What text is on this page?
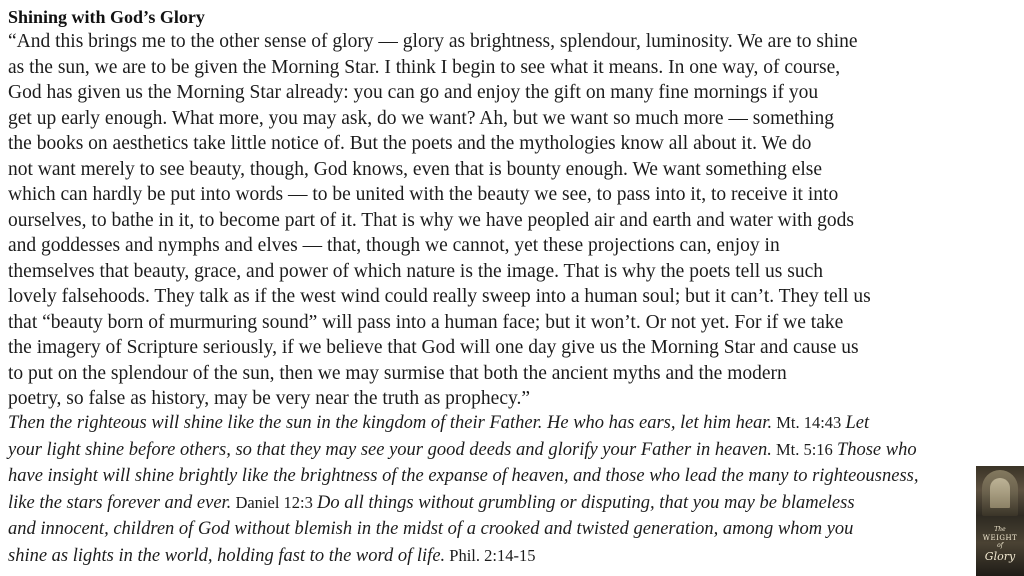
Shining with God’s Glory
“And this brings me to the other sense of glory — glory as brightness, splendour, luminosity. We are to shine
as the sun, we are to be given the Morning Star. I think I begin to see what it means. In one way, of course,
God has given us the Morning Star already: you can go and enjoy the gift on many fine mornings if you
get up early enough. What more, you may ask, do we want? Ah, but we want so much more — something
the books on aesthetics take little notice of. But the poets and the mythologies know all about it. We do
not want merely to see beauty, though, God knows, even that is bounty enough. We want something else
which can hardly be put into words — to be united with the beauty we see, to pass into it, to receive it into
ourselves, to bathe in it, to become part of it. That is why we have peopled air and earth and water with gods
and goddesses and nymphs and elves — that, though we cannot, yet these projections can, enjoy in
themselves that beauty, grace, and power of which nature is the image. That is why the poets tell us such
lovely falsehoods. They talk as if the west wind could really sweep into a human soul; but it can’t. They tell us
that “beauty born of murmuring sound” will pass into a human face; but it won’t. Or not yet. For if we take
the imagery of Scripture seriously, if we believe that God will one day give us the Morning Star and cause us
to put on the splendour of the sun, then we may surmise that both the ancient myths and the modern
poetry, so false as history, may be very near the truth as prophecy.”
Then the righteous will shine like the sun in the kingdom of their Father. He who has ears, let him hear. Mt. 14:43 Let
your light shine before others, so that they may see your good deeds and glorify your Father in heaven. Mt. 5:16 Those who
have insight will shine brightly like the brightness of the expanse of heaven, and those who lead the many to righteousness,
like the stars forever and ever. Daniel 12:3 Do all things without grumbling or disputing, that you may be blameless
and innocent, children of God without blemish in the midst of a crooked and twisted generation, among whom you
shine as lights in the world, holding fast to the word of life. Phil. 2:14-15
The
WEIGHT
of
Glory
